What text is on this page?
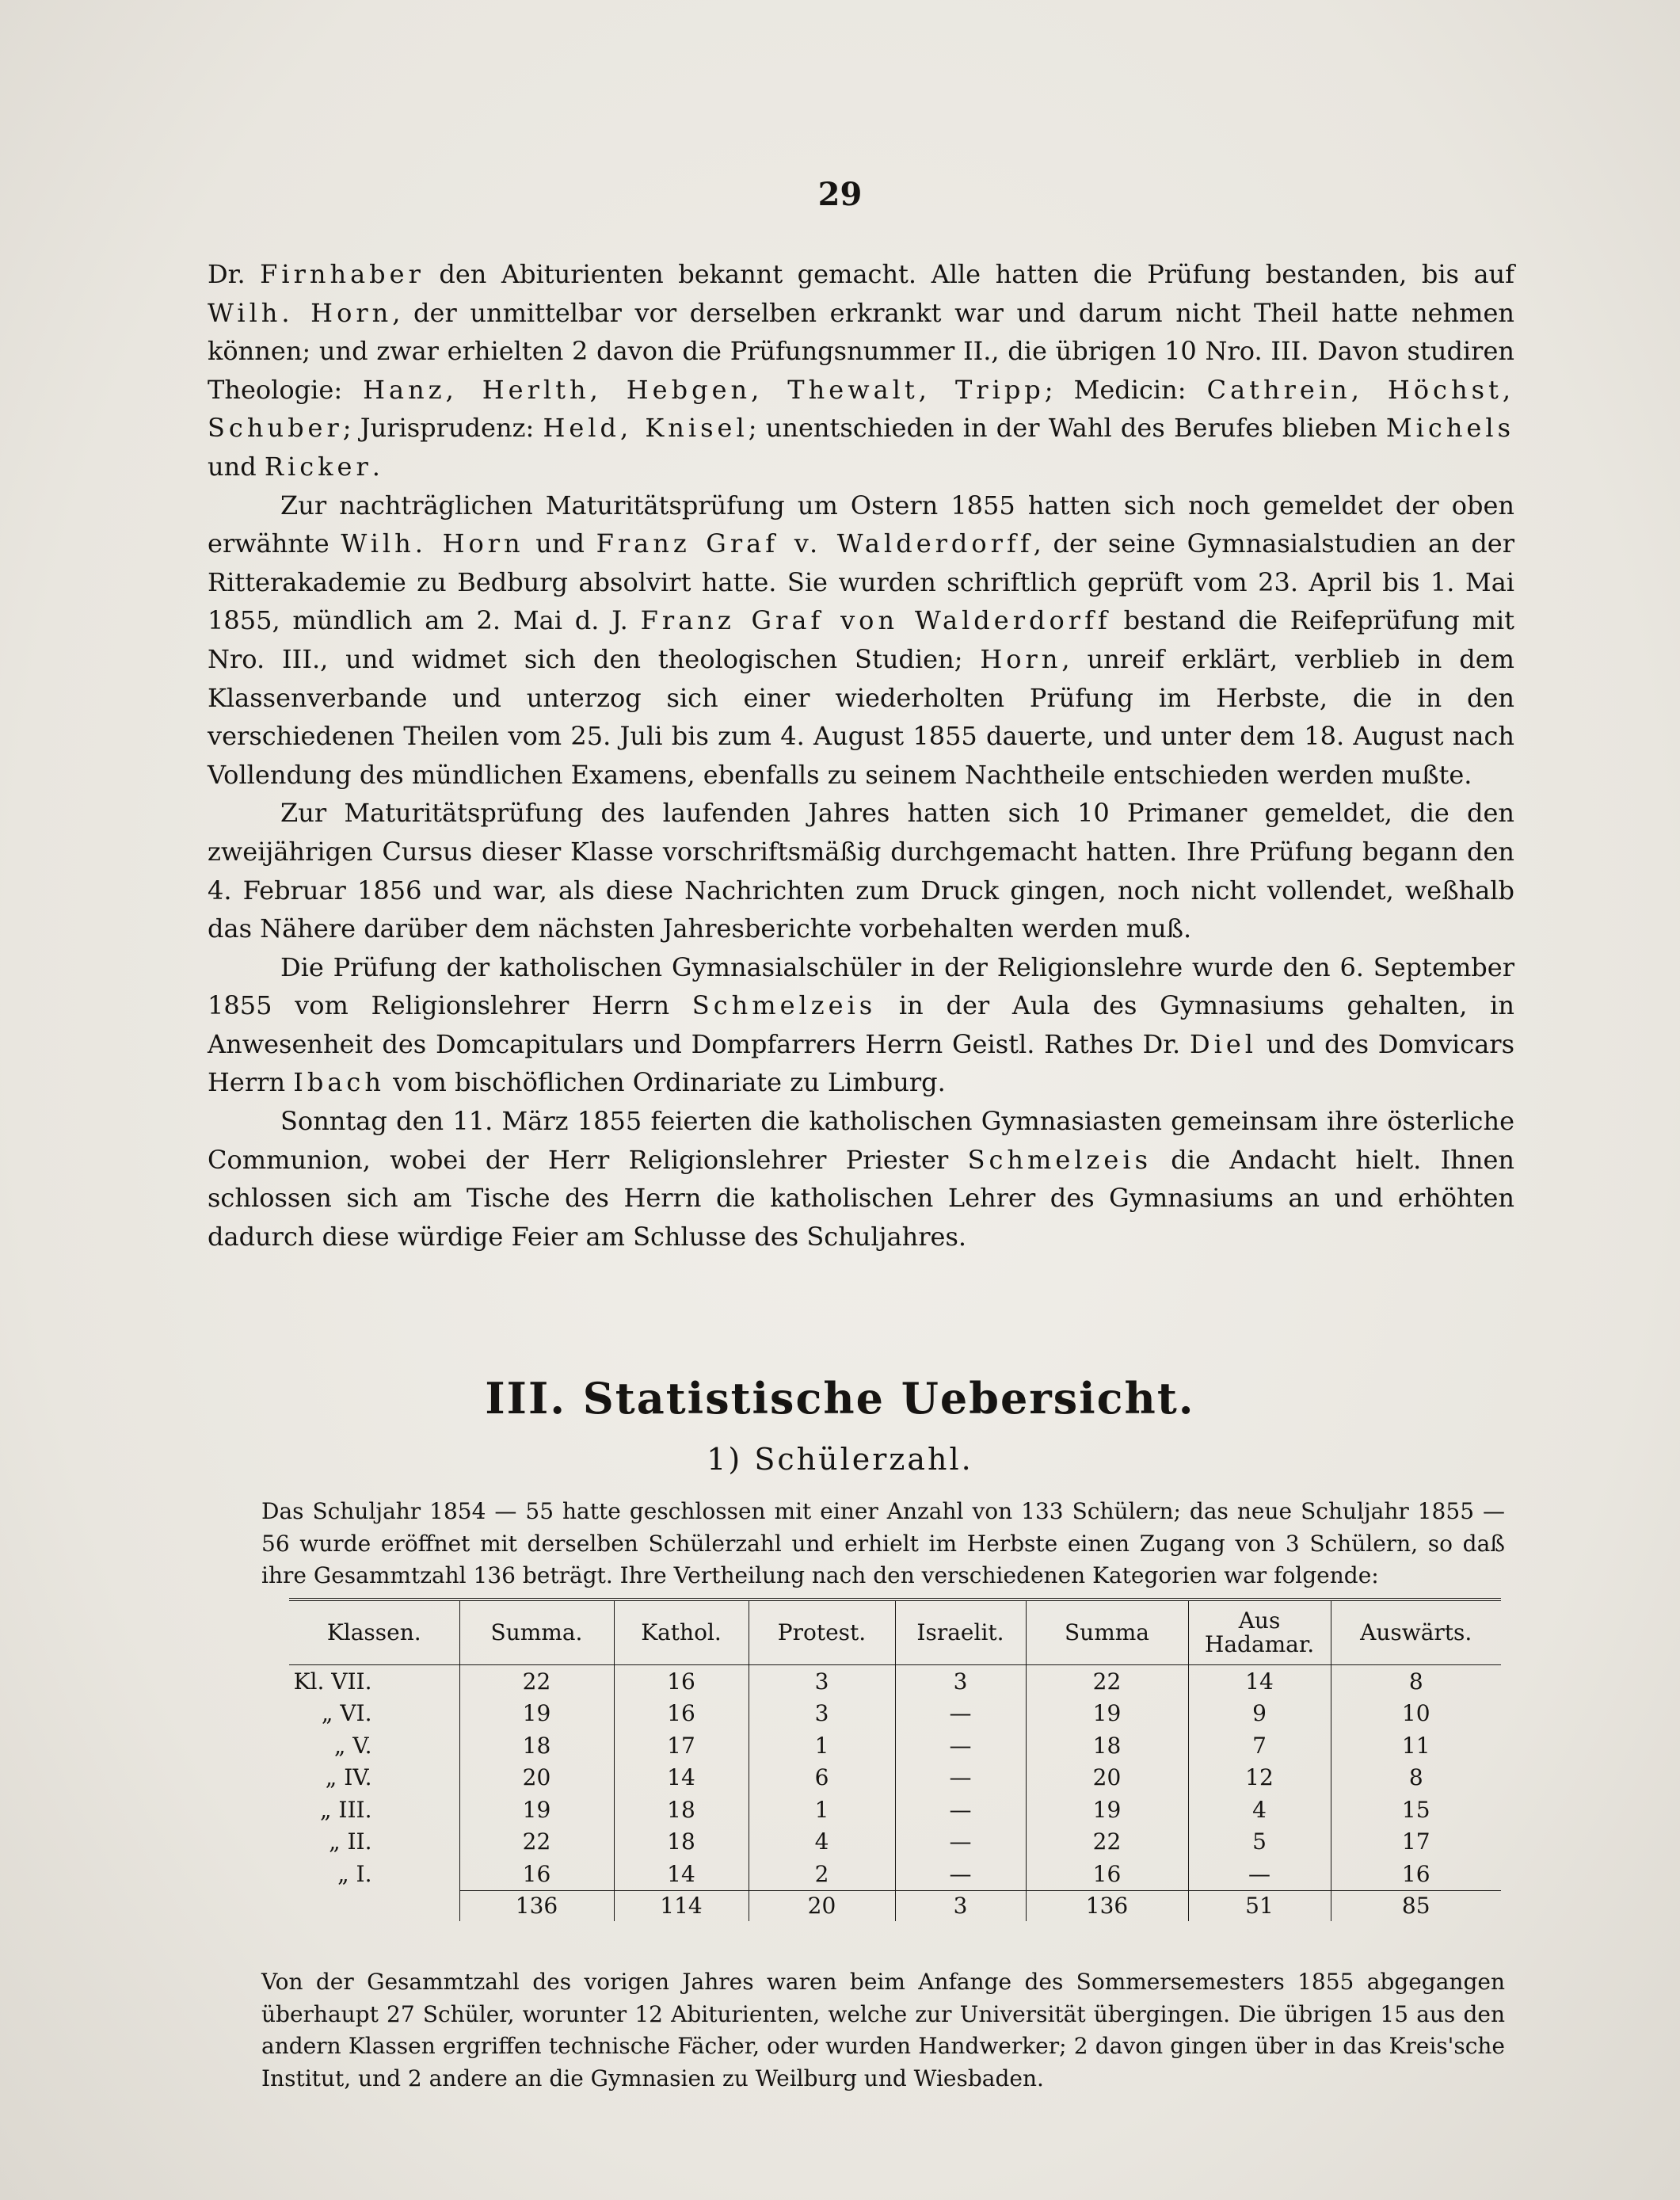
29

Dr. Firnhaber den Abiturienten bekannt gemacht. Alle hatten die Prüfung bestanden, bis auf Wilh. Horn, der unmittelbar vor derselben erkrankt war und darum nicht Theil hatte nehmen können; und zwar erhielten 2 davon die Prüfungsnummer II., die übrigen 10 Nro. III. Davon studiren Theologie: Hanz, Herlth, Hebgen, Thewalt, Tripp; Medicin: Cathrein, Höchst, Schuber; Jurisprudenz: Held, Knisel; unentschieden in der Wahl des Berufes blieben Michels und Ricker.

Zur nachträglichen Maturitätsprüfung um Ostern 1855 hatten sich noch gemeldet der oben erwähnte Wilh. Horn und Franz Graf v. Walderdorff, der seine Gymnasialstudien an der Ritterakademie zu Bedburg absolvirt hatte. Sie wurden schriftlich geprüft vom 23. April bis 1. Mai 1855, mündlich am 2. Mai d. J. Franz Graf von Walderdorff bestand die Reifeprüfung mit Nro. III., und widmet sich den theologischen Studien; Horn, unreif erklärt, verblieb in dem Klassenverbande und unterzog sich einer wiederholten Prüfung im Herbste, die in den verschiedenen Theilen vom 25. Juli bis zum 4. August 1855 dauerte, und unter dem 18. August nach Vollendung des mündlichen Examens, ebenfalls zu seinem Nachtheile entschieden werden mußte.

Zur Maturitätsprüfung des laufenden Jahres hatten sich 10 Primaner gemeldet, die den zweijährigen Cursus dieser Klasse vorschriftsmäßig durchgemacht hatten. Ihre Prüfung begann den 4. Februar 1856 und war, als diese Nachrichten zum Druck gingen, noch nicht vollendet, weßhalb das Nähere darüber dem nächsten Jahresberichte vorbehalten werden muß.

Die Prüfung der katholischen Gymnasialschüler in der Religionslehre wurde den 6. September 1855 vom Religionslehrer Herrn Schmelzeis in der Aula des Gymnasiums gehalten, in Anwesenheit des Domcapitulars und Dompfarrers Herrn Geistl. Rathes Dr. Diel und des Domvicars Herrn Ibach vom bischöflichen Ordinariate zu Limburg.

Sonntag den 11. März 1855 feierten die katholischen Gymnasiasten gemeinsam ihre österliche Communion, wobei der Herr Religionslehrer Priester Schmelzeis die Andacht hielt. Ihnen schlossen sich am Tische des Herrn die katholischen Lehrer des Gymnasiums an und erhöhten dadurch diese würdige Feier am Schlusse des Schuljahres.

III. Statistische Uebersicht.
1) Schülerzahl.

Das Schuljahr 1854 — 55 hatte geschlossen mit einer Anzahl von 133 Schülern; das neue Schuljahr 1855 — 56 wurde eröffnet mit derselben Schülerzahl und erhielt im Herbste einen Zugang von 3 Schülern, so daß ihre Gesammtzahl 136 beträgt. Ihre Vertheilung nach den verschiedenen Kategorien war folgende:

Klassen.	Summa.	Kathol.	Protest.	Israelit.	Summa	Aus Hadamar.	Auswärts.
Kl. VII.	22	16	3	3	22	14	8
„ VI.	19	16	3	—	19	9	10
„ V.	18	17	1	—	18	7	11
„ IV.	20	14	6	—	20	12	8
„ III.	19	18	1	—	19	4	15
„ II.	22	18	4	—	22	5	17
„ I.	16	14	2	—	16	—	16
	136	114	20	3	136	51	85

Von der Gesammtzahl des vorigen Jahres waren beim Anfange des Sommersemesters 1855 abgegangen überhaupt 27 Schüler, worunter 12 Abiturienten, welche zur Universität übergingen. Die übrigen 15 aus den andern Klassen ergriffen technische Fächer, oder wurden Handwerker; 2 davon gingen über in das Kreis'sche Institut, und 2 andere an die Gymnasien zu Weilburg und Wiesbaden.
